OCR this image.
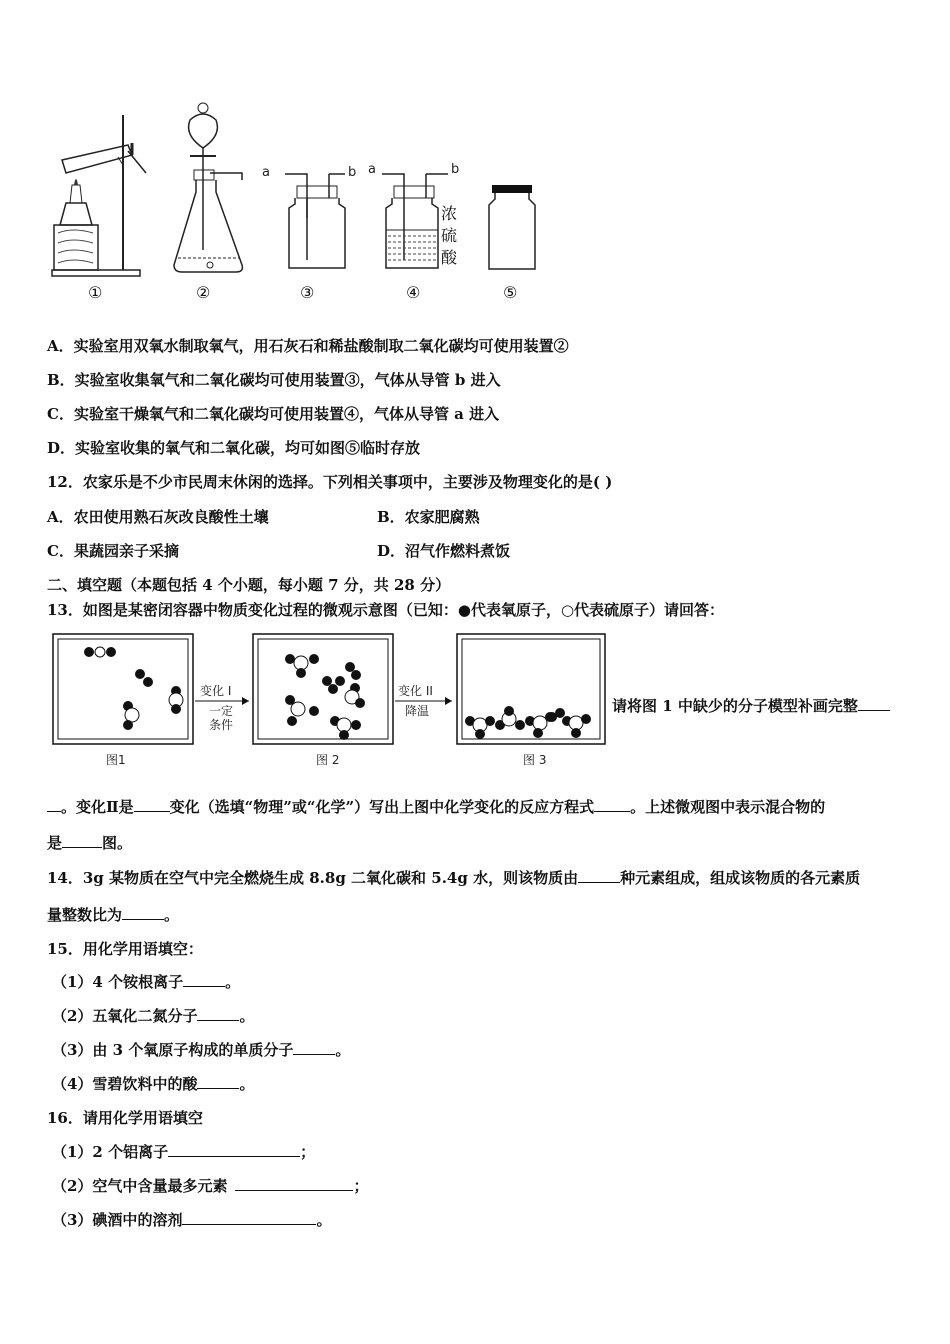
a	b a	b
浓
硫
酸
①	②	③	④	⑤
A．实验室用双氧水制取氧气，用石灰石和稀盐酸制取二氧化碳均可使用装置②
B．实验室收集氧气和二氧化碳均可使用装置③，气体从导管 b 进入
C．实验室干燥氧气和二氧化碳均可使用装置④，气体从导管 a 进入
D．实验室收集的氧气和二氧化碳，均可如图⑤临时存放
12．农家乐是不少市民周末休闲的选择。下列相关事项中，主要涉及物理变化的是( )
A．农田使用熟石灰改良酸性土壤	B．农家肥腐熟
C．果蔬园亲子采摘	D．沼气作燃料煮饭
二、填空题（本题包括 4 个小题，每小题 7 分，共 28 分）
13．如图是某密闭容器中物质变化过程的微观示意图（已知：●代表氧原子，○代表硫原子）请回答：
变化 I
一定
条件
变化 II
降温
图1	图 2	图 3
请将图 1 中缺少的分子模型补画完整
。变化Ⅱ是 变化（选填“物理”或“化学”）写出上图中化学变化的反应方程式 。上述微观图中表示混合物的
是	图。
14．3g 某物质在空气中完全燃烧生成 8.8g 二氧化碳和 5.4g 水，则该物质由	种元素组成，组成该物质的各元素质
量整数比为	。
15．用化学用语填空：
（1）4 个铵根离子	。
（2）五氧化二氮分子	。
（3）由 3 个氧原子构成的单质分子	。
（4）雪碧饮料中的酸	。
16．请用化学用语填空
（1）2 个铝离子	；
（2）空气中含量最多元素	；
（3）碘酒中的溶剂	。
